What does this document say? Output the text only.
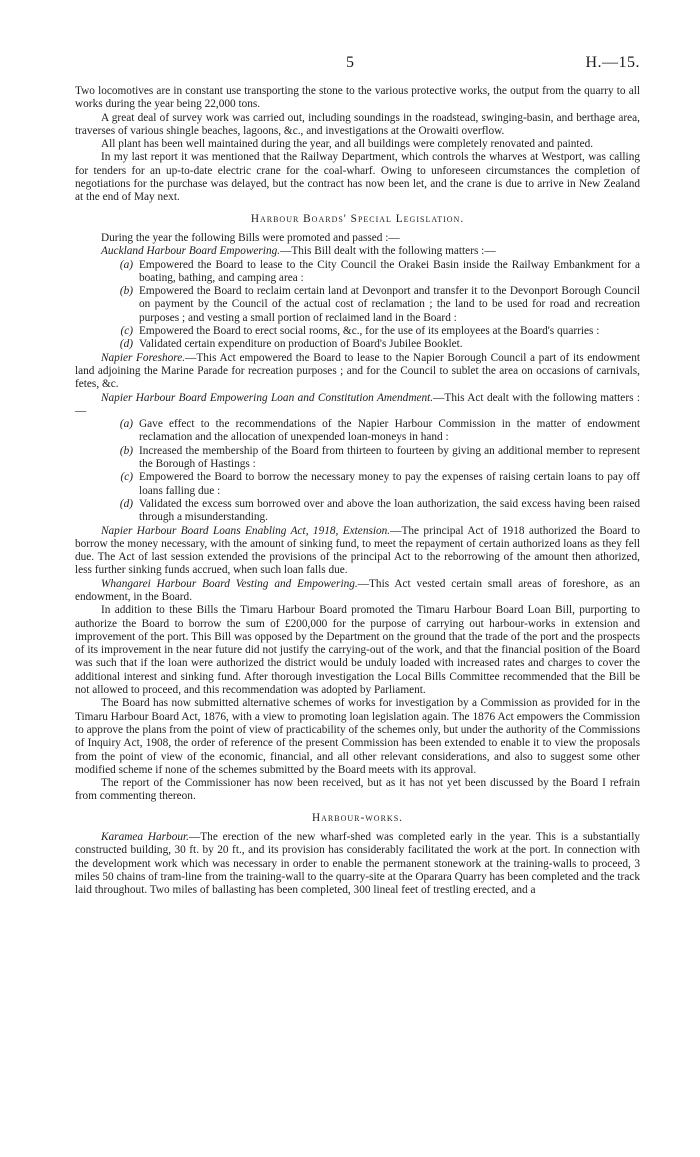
5	H.—15.

Two locomotives are in constant use transporting the stone to the various protective works, the output from the quarry to all works during the year being 22,000 tons.

A great deal of survey work was carried out, including soundings in the roadstead, swinging-basin, and berthage area, traverses of various shingle beaches, lagoons, &c., and investigations at the Orowaiti overflow.

All plant has been well maintained during the year, and all buildings were completely renovated and painted.

In my last report it was mentioned that the Railway Department, which controls the wharves at Westport, was calling for tenders for an up-to-date electric crane for the coal-wharf. Owing to unforeseen circumstances the completion of negotiations for the purchase was delayed, but the contract has now been let, and the crane is due to arrive in New Zealand at the end of May next.

Harbour Boards' Special Legislation.

During the year the following Bills were promoted and passed :—

Auckland Harbour Board Empowering.—This Bill dealt with the following matters :—

(a) Empowered the Board to lease to the City Council the Orakei Basin inside the Railway Embankment for a boating, bathing, and camping area :
(b) Empowered the Board to reclaim certain land at Devonport and transfer it to the Devonport Borough Council on payment by the Council of the actual cost of reclamation ; the land to be used for road and recreation purposes ; and vesting a small portion of reclaimed land in the Board :
(c) Empowered the Board to erect social rooms, &c., for the use of its employees at the Board's quarries :
(d) Validated certain expenditure on production of Board's Jubilee Booklet.

Napier Foreshore.—This Act empowered the Board to lease to the Napier Borough Council a part of its endowment land adjoining the Marine Parade for recreation purposes ; and for the Council to sublet the area on occasions of carnivals, fetes, &c.

Napier Harbour Board Empowering Loan and Constitution Amendment.—This Act dealt with the following matters :—

(a) Gave effect to the recommendations of the Napier Harbour Commission in the matter of endowment reclamation and the allocation of unexpended loan-moneys in hand :
(b) Increased the membership of the Board from thirteen to fourteen by giving an additional member to represent the Borough of Hastings :
(c) Empowered the Board to borrow the necessary money to pay the expenses of raising certain loans to pay off loans falling due :
(d) Validated the excess sum borrowed over and above the loan authorization, the said excess having been raised through a misunderstanding.

Napier Harbour Board Loans Enabling Act, 1918, Extension.—The principal Act of 1918 authorized the Board to borrow the money necessary, with the amount of sinking fund, to meet the repayment of certain authorized loans as they fell due. The Act of last session extended the provisions of the principal Act to the reborrowing of the amount then athorized, less further sinking funds accrued, when such loan falls due.

Whangarei Harbour Board Vesting and Empowering.—This Act vested certain small areas of foreshore, as an endowment, in the Board.

In addition to these Bills the Timaru Harbour Board promoted the Timaru Harbour Board Loan Bill, purporting to authorize the Board to borrow the sum of £200,000 for the purpose of carrying out harbour-works in extension and improvement of the port. This Bill was opposed by the Department on the ground that the trade of the port and the prospects of its improvement in the near future did not justify the carrying-out of the work, and that the financial position of the Board was such that if the loan were authorized the district would be unduly loaded with increased rates and charges to cover the additional interest and sinking fund. After thorough investigation the Local Bills Committee recommended that the Bill be not allowed to proceed, and this recommendation was adopted by Parliament.

The Board has now submitted alternative schemes of works for investigation by a Commission as provided for in the Timaru Harbour Board Act, 1876, with a view to promoting loan legislation again. The 1876 Act empowers the Commission to approve the plans from the point of view of practicability of the schemes only, but under the authority of the Commissions of Inquiry Act, 1908, the order of reference of the present Commission has been extended to enable it to view the proposals from the point of view of the economic, financial, and all other relevant considerations, and also to suggest some other modified scheme if none of the schemes submitted by the Board meets with its approval.

The report of the Commissioner has now been received, but as it has not yet been discussed by the Board I refrain from commenting thereon.

Harbour-works.

Karamea Harbour.—The erection of the new wharf-shed was completed early in the year. This is a substantially constructed building, 30 ft. by 20 ft., and its provision has considerably facilitated the work at the port. In connection with the development work which was necessary in order to enable the permanent stonework at the training-walls to proceed, 3 miles 50 chains of tram-line from the training-wall to the quarry-site at the Oparara Quarry has been completed and the track laid throughout. Two miles of ballasting has been completed, 300 lineal feet of trestling erected, and a
